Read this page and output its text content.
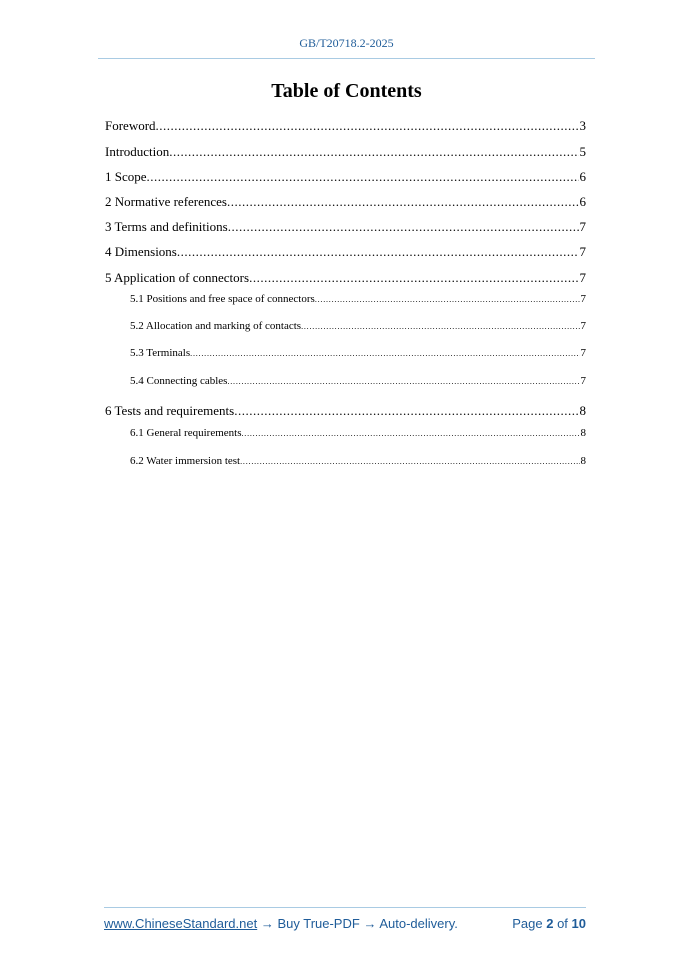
GB/T20718.2-2025
Table of Contents
Foreword .....	3
Introduction .....	5
1 Scope .....	6
2 Normative references .....	6
3 Terms and definitions .....	7
4 Dimensions .....	7
5 Application of connectors .....	7
5.1 Positions and free space of connectors .....	7
5.2 Allocation and marking of contacts .....	7
5.3 Terminals .....	7
5.4 Connecting cables .....	7
6 Tests and requirements .....	8
6.1 General requirements .....	8
6.2 Water immersion test .....	8
www.ChineseStandard.net → Buy True-PDF → Auto-delivery.	Page 2 of 10
